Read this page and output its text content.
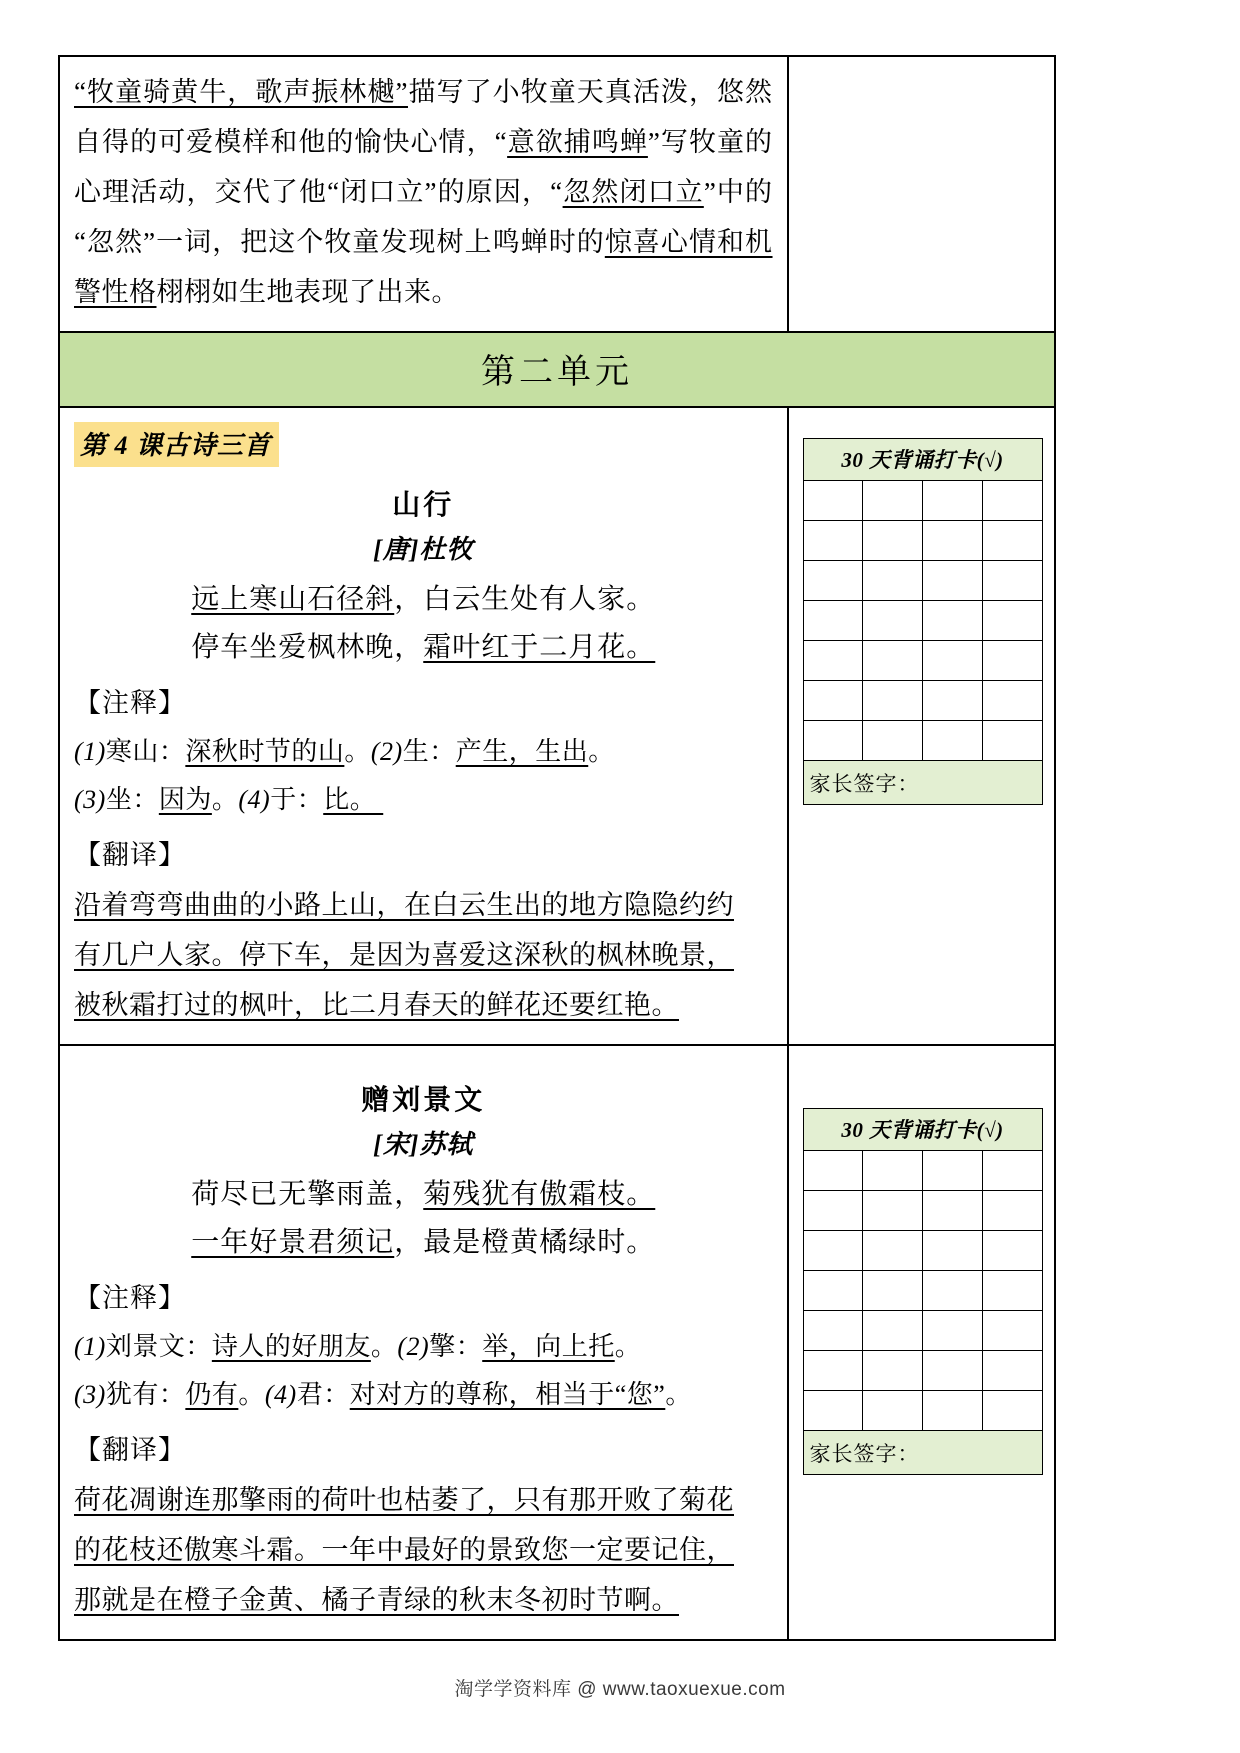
“牧童骑黄牛，歌声振林樾”描写了小牧童天真活泼，悠然自得的可爱模样和他的愉快心情，“意欲捕鸣蝉”写牧童的心理活动，交代了他“闭口立”的原因，“忽然闭口立”中的“忽然”一词，把这个牧童发现树上鸣蝉时的惊喜心情和机警性格栩栩如生地表现了出来。
第二单元
第 4 课古诗三首
山行
[唐]杜牧
远上寒山石径斜，白云生处有人家。
停车坐爱枫林晚，霜叶红于二月花。
【注释】
(1)寒山：深秋时节的山。(2)生：产生，生出。
(3)坐：因为。(4)于：比。
【翻译】
沿着弯弯曲曲的小路上山，在白云生出的地方隐隐约约
有几户人家。停下车，是因为喜爱这深秋的枫林晚景，
被秋霜打过的枫叶，比二月春天的鲜花还要红艳。
30 天背诵打卡(√)			

家长签字：			
赠刘景文
[宋]苏轼
荷尽已无擎雨盖，菊残犹有傲霜枝。
一年好景君须记，最是橙黄橘绿时。
【注释】
(1)刘景文：诗人的好朋友。(2)擎：举，向上托。
(3)犹有：仍有。(4)君：对对方的尊称，相当于“您”。
【翻译】
荷花凋谢连那擎雨的荷叶也枯萎了，只有那开败了菊花
的花枝还傲寒斗霜。一年中最好的景致您一定要记住，
那就是在橙子金黄、橘子青绿的秋末冬初时节啊。
30 天背诵打卡(√)			

家长签字：			
淘学学资料库 @ www.taoxuexue.com
